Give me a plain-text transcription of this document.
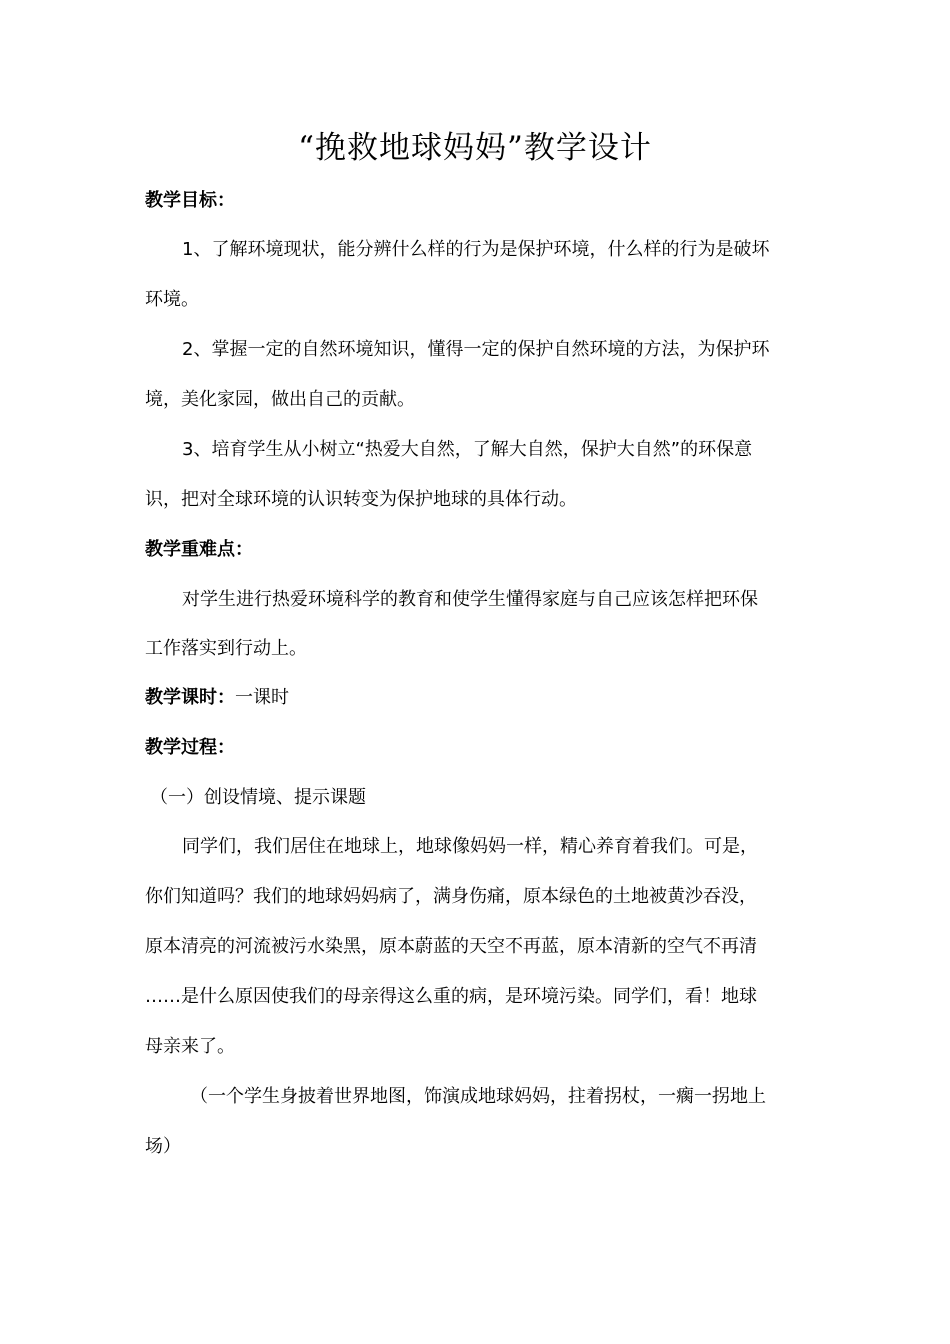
“挽救地球妈妈”教学设计
教学目标：
1、了解环境现状，能分辨什么样的行为是保护环境，什么样的行为是破坏
环境。
2、掌握一定的自然环境知识，懂得一定的保护自然环境的方法，为保护环
境，美化家园，做出自己的贡献。
3、培育学生从小树立“热爱大自然，了解大自然，保护大自然”的环保意
识，把对全球环境的认识转变为保护地球的具体行动。
教学重难点：
对学生进行热爱环境科学的教育和使学生懂得家庭与自己应该怎样把环保
工作落实到行动上。
教学课时：一课时
教学过程：
（一）创设情境、提示课题
同学们，我们居住在地球上，地球像妈妈一样，精心养育着我们。可是，
你们知道吗？我们的地球妈妈病了，满身伤痛，原本绿色的土地被黄沙吞没，
原本清亮的河流被污水染黑，原本蔚蓝的天空不再蓝，原本清新的空气不再清
……是什么原因使我们的母亲得这么重的病，是环境污染。同学们，看！地球
母亲来了。
（一个学生身披着世界地图，饰演成地球妈妈，拄着拐杖，一瘸一拐地上
场）
